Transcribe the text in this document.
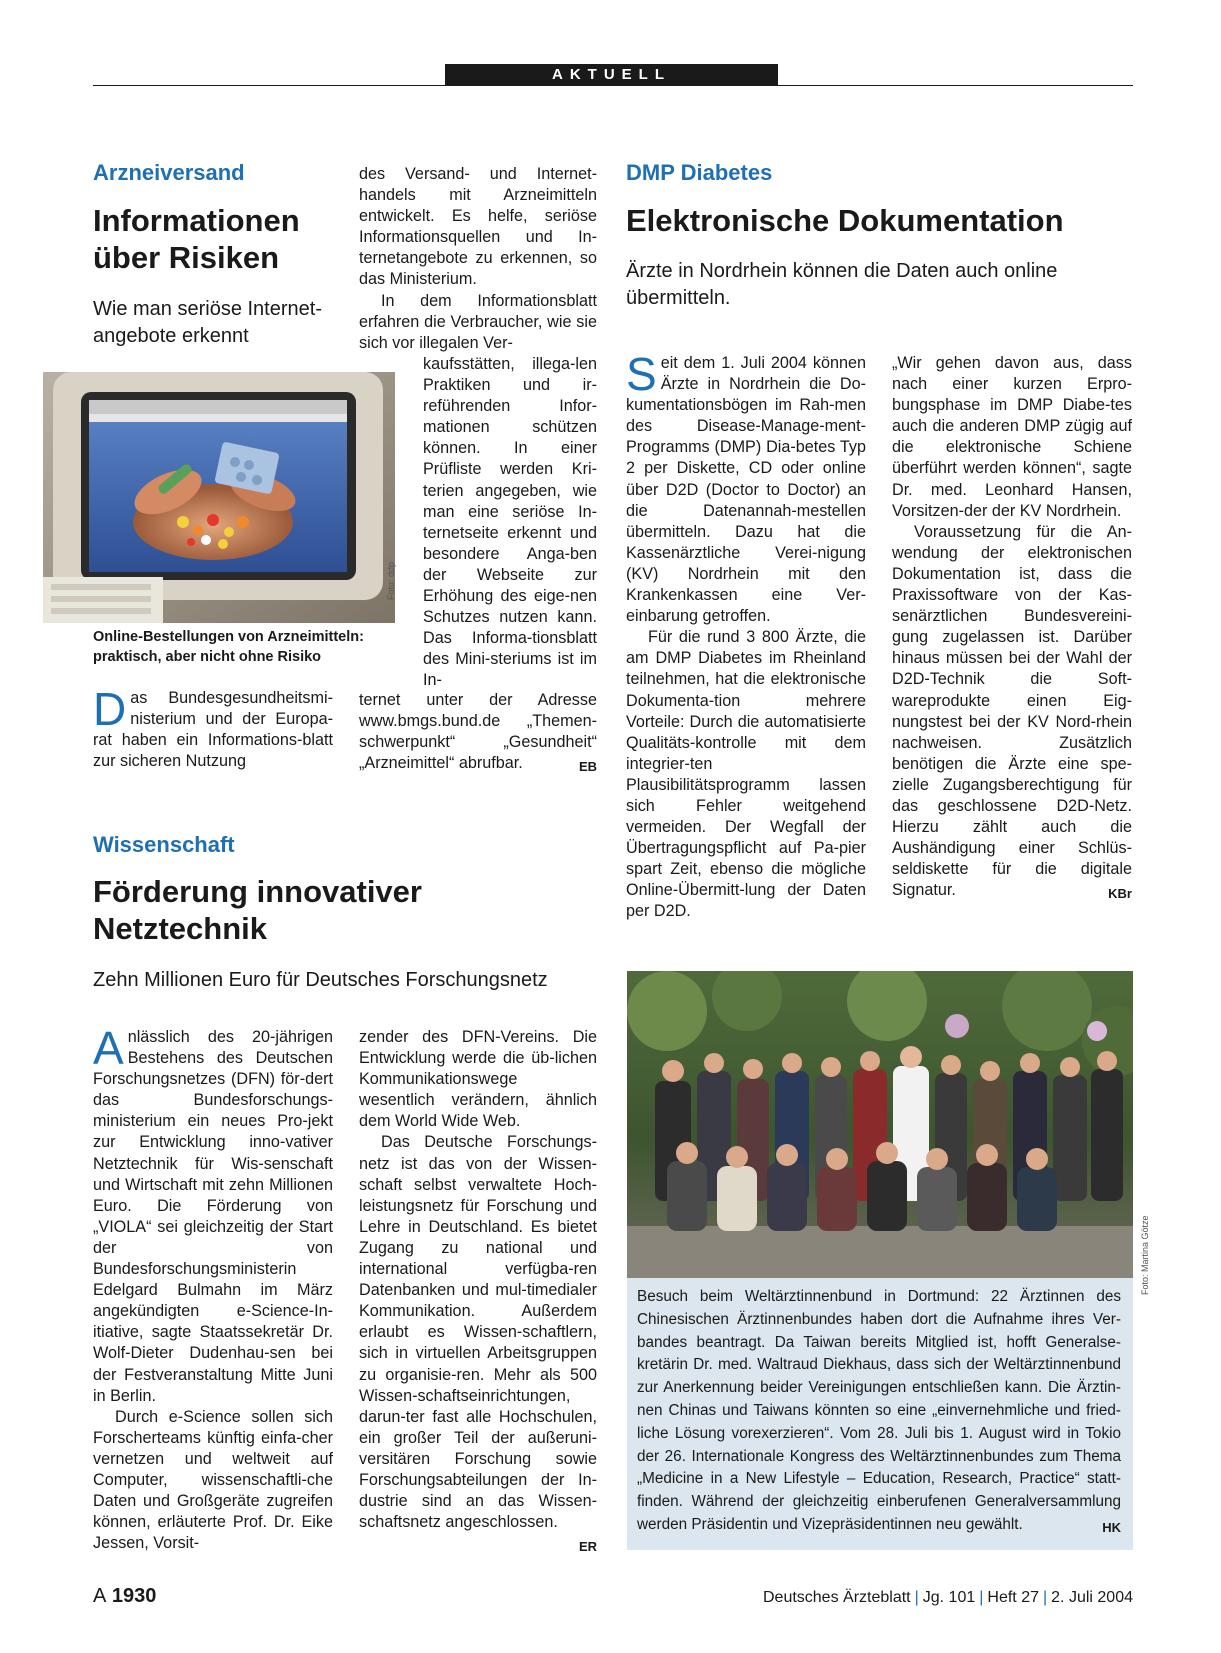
AKTUELL
Arzneiversand
Informationen
über Risiken
Wie man seriöse Internet-
angebote erkennt
Foto: ddp
Online-Bestellungen von Arzneimitteln:
praktisch, aber nicht ohne Risiko

Das Bundesgesundheitsmi-nisterium und der Europa-rat haben ein Informations-blatt zur sicheren Nutzung

des Versand- und Internet-handels mit Arzneimitteln entwickelt. Es helfe, seriöse Informationsquellen und In-ternetangebote zu erkennen, so das Ministerium.

In dem Informationsblatt erfahren die Verbraucher, wie sie sich vor illegalen Ver-

kaufsstätten, illega-len Praktiken und ir-reführenden Infor-mationen schützen können. In einer Prüfliste werden Kri-terien angegeben, wie man eine seriöse In-ternetseite erkennt und besondere Anga-ben der Webseite zur Erhöhung des eige-nen Schutzes nutzen kann. Das Informa-tionsblatt des Mini-steriums ist im In-

ternet unter der Adresse www.bmgs.bund.de „Themen-schwerpunkt“ „Gesundheit“ „Arzneimittel“ abrufbar.	EB

DMP Diabetes
Elektronische Dokumentation
Ärzte in Nordrhein können die Daten auch online
übermitteln.

Seit dem 1. Juli 2004 können Ärzte in Nordrhein die Do-kumentationsbögen im Rah-men des Disease-Manage-ment-Programms (DMP) Dia-betes Typ 2 per Diskette, CD oder online über D2D (Doctor to Doctor) an die Datenannah-mestellen übermitteln. Dazu hat die Kassenärztliche Verei-nigung (KV) Nordrhein mit den Krankenkassen eine Ver-einbarung getroffen.

Für die rund 3 800 Ärzte, die am DMP Diabetes im Rheinland teilnehmen, hat die elektronische Dokumenta-tion mehrere Vorteile: Durch die automatisierte Qualitäts-kontrolle mit dem integrier-ten Plausibilitätsprogramm lassen sich Fehler weitgehend vermeiden. Der Wegfall der Übertragungspflicht auf Pa-pier spart Zeit, ebenso die mögliche Online-Übermitt-lung der Daten per D2D.

„Wir gehen davon aus, dass nach einer kurzen Erpro-bungsphase im DMP Diabe-tes auch die anderen DMP zügig auf die elektronische Schiene überführt werden können“, sagte Dr. med. Leonhard Hansen, Vorsitzen-der der KV Nordrhein.

Voraussetzung für die An-wendung der elektronischen Dokumentation ist, dass die Praxissoftware von der Kas-senärztlichen Bundesvereini-gung zugelassen ist. Darüber hinaus müssen bei der Wahl der D2D-Technik die Soft-wareprodukte einen Eig-nungstest bei der KV Nord-rhein nachweisen. Zusätzlich benötigen die Ärzte eine spe-zielle Zugangsberechtigung für das geschlossene D2D-Netz. Hierzu zählt auch die Aushändigung einer Schlüs-seldiskette für die digitale Signatur.	KBr

Wissenschaft
Förderung innovativer
Netztechnik
Zehn Millionen Euro für Deutsches Forschungsnetz

Anlässlich des 20-jährigen Bestehens des Deutschen Forschungsnetzes (DFN) för-dert das Bundesforschungs-ministerium ein neues Pro-jekt zur Entwicklung inno-vativer Netztechnik für Wis-senschaft und Wirtschaft mit zehn Millionen Euro. Die Förderung von „VIOLA“ sei gleichzeitig der Start der von Bundesforschungsministerin Edelgard Bulmahn im März angekündigten e-Science-In-itiative, sagte Staatssekretär Dr. Wolf-Dieter Dudenhau-sen bei der Festveranstaltung Mitte Juni in Berlin.

Durch e-Science sollen sich Forscherteams künftig einfa-cher vernetzen und weltweit auf Computer, wissenschaftli-che Daten und Großgeräte zugreifen können, erläuterte Prof. Dr. Eike Jessen, Vorsit-

zender des DFN-Vereins. Die Entwicklung werde die üb-lichen Kommunikationswege wesentlich verändern, ähnlich dem World Wide Web.

Das Deutsche Forschungs-netz ist das von der Wissen-schaft selbst verwaltete Hoch-leistungsnetz für Forschung und Lehre in Deutschland. Es bietet Zugang zu national und international verfügba-ren Datenbanken und mul-timedialer Kommunikation. Außerdem erlaubt es Wissen-schaftlern, sich in virtuellen Arbeitsgruppen zu organisie-ren. Mehr als 500 Wissen-schaftseinrichtungen, darun-ter fast alle Hochschulen, ein großer Teil der außeruni-versitären Forschung sowie Forschungsabteilungen der In-dustrie sind an das Wissen-schaftsnetz angeschlossen.
ER

Foto: Martina Götze
Besuch beim Weltärztinnenbund in Dortmund: 22 Ärztinnen des Chinesischen Ärztinnenbundes haben dort die Aufnahme ihres Ver-bandes beantragt. Da Taiwan bereits Mitglied ist, hofft Generalse-kretärin Dr. med. Waltraud Diekhaus, dass sich der Weltärztinnenbund zur Anerkennung beider Vereinigungen entschließen kann. Die Ärztin-nen Chinas und Taiwans könnten so eine „einvernehmliche und fried-liche Lösung vorexerzieren“. Vom 28. Juli bis 1. August wird in Tokio der 26. Internationale Kongress des Weltärztinnenbundes zum Thema „Medicine in a New Lifestyle – Education, Research, Practice“ statt-finden. Während der gleichzeitig einberufenen Generalversammlung werden Präsidentin und Vizepräsidentinnen neu gewählt.	HK
A 1930	Deutsches Ärzteblatt | Jg. 101 | Heft 27 | 2. Juli 2004
